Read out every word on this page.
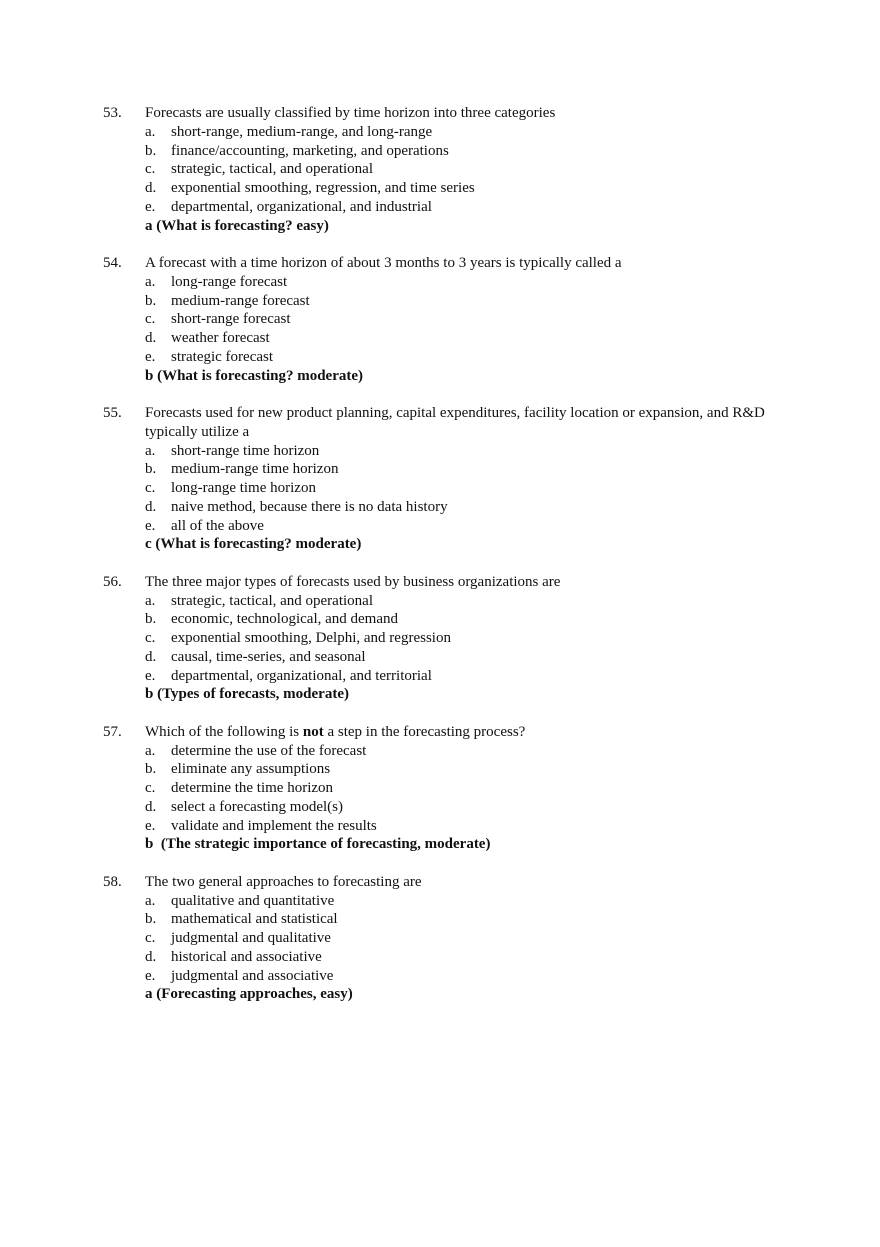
53.	Forecasts are usually classified by time horizon into three categories
a.	short-range, medium-range, and long-range
b. finance/accounting, marketing, and operations
c.	strategic, tactical, and operational
d. exponential smoothing, regression, and time series
e.	departmental, organizational, and industrial
a (What is forecasting? easy)
54.	A forecast with a time horizon of about 3 months to 3 years is typically called a
a.	long-range forecast
b. medium-range forecast
c.	short-range forecast
d. weather forecast
e.	strategic forecast
b (What is forecasting? moderate)
55.	Forecasts used for new product planning, capital expenditures, facility location or expansion, and R&D typically utilize a
a.	short-range time horizon
b. medium-range time horizon
c.	long-range time horizon
d. naive method, because there is no data history
e.	all of the above
c (What is forecasting? moderate)
56.	The three major types of forecasts used by business organizations are
a.	strategic, tactical, and operational
b. economic, technological, and demand
c.	exponential smoothing, Delphi, and regression
d. causal, time-series, and seasonal
e.	departmental, organizational, and territorial
b (Types of forecasts, moderate)
57.	Which of the following is not a step in the forecasting process?
a.	determine the use of the forecast
b. eliminate any assumptions
c.	determine the time horizon
d. select a forecasting model(s)
e.	validate and implement the results
b  (The strategic importance of forecasting, moderate)
58.	The two general approaches to forecasting are
a.	qualitative and quantitative
b. mathematical and statistical
c.	judgmental and qualitative
d. historical and associative
e.	judgmental and associative
a (Forecasting approaches, easy)
